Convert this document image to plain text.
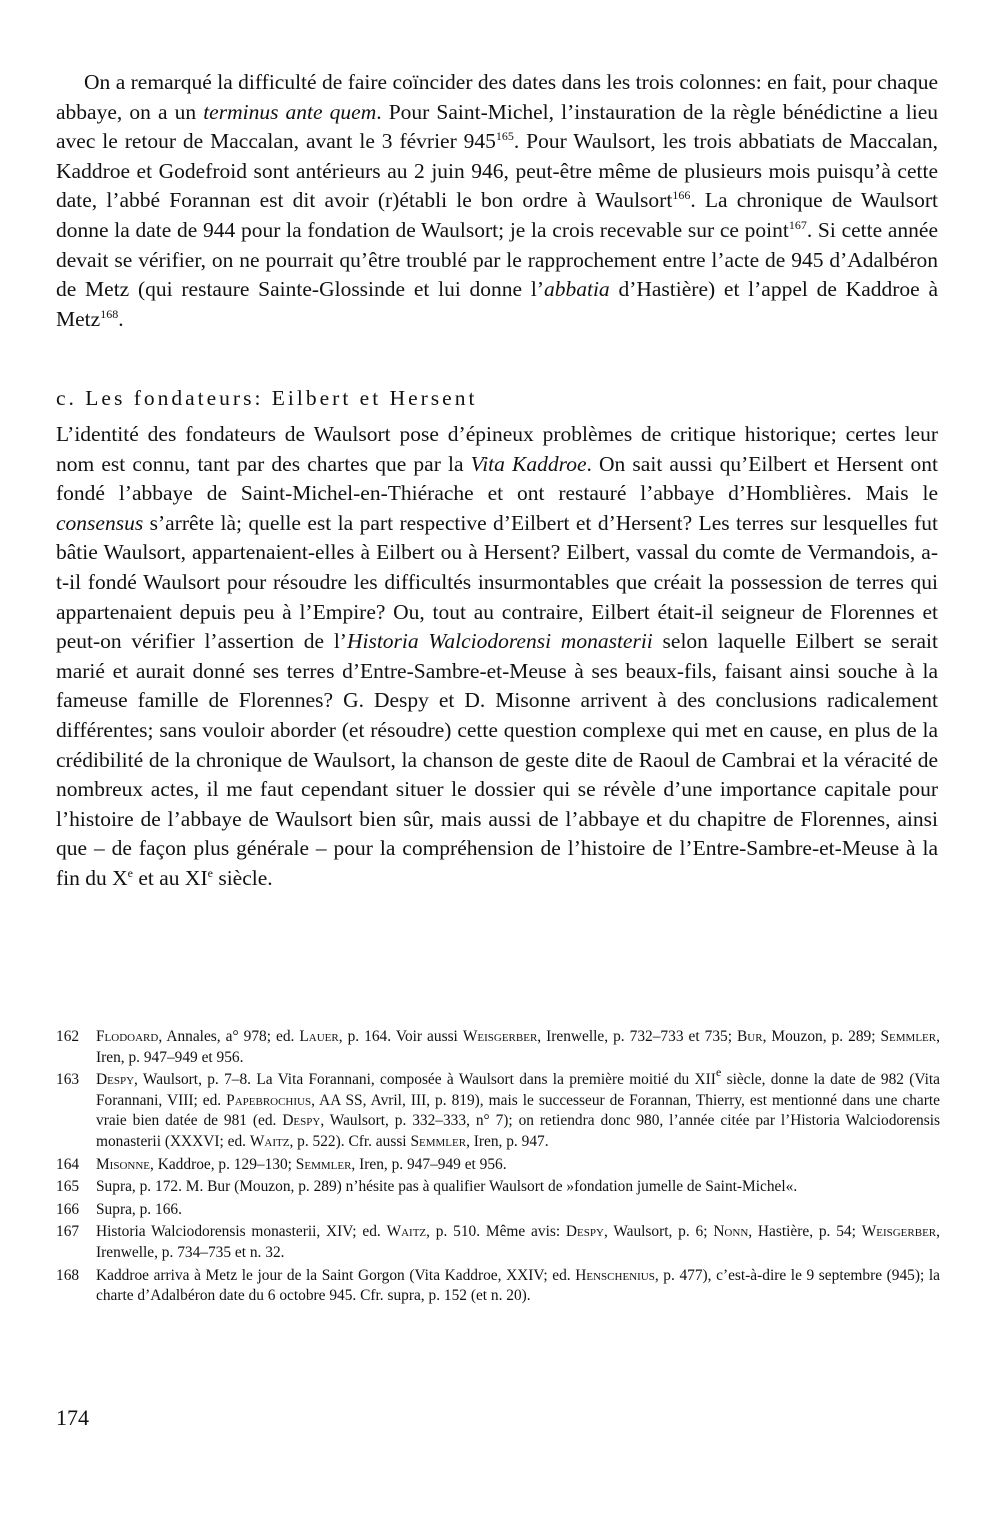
On a remarqué la difficulté de faire coïncider des dates dans les trois colonnes: en fait, pour chaque abbaye, on a un terminus ante quem. Pour Saint-Michel, l’instauration de la règle bénédictine a lieu avec le retour de Maccalan, avant le 3 février $945^{165}$. Pour Waulsort, les trois abbatiats de Maccalan, Kaddroe et Godefroid sont antérieurs au 2 juin 946, peut-être même de plusieurs mois puisqu’à cette date, l’abbé Forannan est dit avoir (r)établi le bon ordre à Waulsort$^{166}$. La chronique de Waulsort donne la date de 944 pour la fondation de Waulsort; je la crois recevable sur ce point$^{167}$. Si cette année devait se vérifier, on ne pourrait qu’être troublé par le rapprochement entre l’acte de 945 d’Adalbéron de Metz (qui restaure Sainte-Glossinde et lui donne l’abbatia d’Hastière) et l’appel de Kaddroe à Metz$^{168}$.

c. Les fondateurs: Eilbert et Hersent

L’identité des fondateurs de Waulsort pose d’épineux problèmes de critique historique; certes leur nom est connu, tant par des chartes que par la Vita Kaddroe. On sait aussi qu’Eilbert et Hersent ont fondé l’abbaye de Saint-Michel-en-Thiérache et ont restauré l’abbaye d’Homblières. Mais le consensus s’arrête là; quelle est la part respective d’Eilbert et d’Hersent? Les terres sur lesquelles fut bâtie Waulsort, appartenaient-elles à Eilbert ou à Hersent? Eilbert, vassal du comte de Vermandois, a-t-il fondé Waulsort pour résoudre les difficultés insurmontables que créait la possession de terres qui appartenaient depuis peu à l’Empire? Ou, tout au contraire, Eilbert était-il seigneur de Florennes et peut-on vérifier l’assertion de l’Historia Walciodorensi monasterii selon laquelle Eilbert se serait marié et aurait donné ses terres d’Entre-Sambre-et-Meuse à ses beaux-fils, faisant ainsi souche à la fameuse famille de Florennes? G. Despy et D. Misonne arrivent à des conclusions radicalement différentes; sans vouloir aborder (et résoudre) cette question complexe qui met en cause, en plus de la crédibilité de la chronique de Waulsort, la chanson de geste dite de Raoul de Cambrai et la véracité de nombreux actes, il me faut cependant situer le dossier qui se révèle d’une importance capitale pour l’histoire de l’abbaye de Waulsort bien sûr, mais aussi de l’abbaye et du chapitre de Florennes, ainsi que – de façon plus générale – pour la compréhension de l’histoire de l’Entre-Sambre-et-Meuse à la fin du Xe et au XIe siècle.

162	Flodoard, Annales, a° 978; ed. Lauer, p. 164. Voir aussi Weisgerber, Irenwelle, p. 732–733 et 735; Bur, Mouzon, p. 289; Semmler, Iren, p. 947–949 et 956.
163	Despy, Waulsort, p. 7–8. La Vita Forannani, composée à Waulsort dans la première moitié du XIIe siècle, donne la date de 982 (Vita Forannani, VIII; ed. Papebrochius, AA SS, Avril, III, p. 819), mais le successeur de Forannan, Thierry, est mentionné dans une charte vraie bien datée de 981 (ed. Despy, Waulsort, p. 332–333, n° 7); on retiendra donc 980, l’année citée par l’Historia Walciodorensis monasterii (XXXVI; ed. Waitz, p. 522). Cfr. aussi Semmler, Iren, p. 947.
164	Misonne, Kaddroe, p. 129–130; Semmler, Iren, p. 947–949 et 956.
165	Supra, p. 172. M. Bur (Mouzon, p. 289) n’hésite pas à qualifier Waulsort de »fondation jumelle de Saint-Michel«.
166	Supra, p. 166.
167	Historia Walciodorensis monasterii, XIV; ed. Waitz, p. 510. Même avis: Despy, Waulsort, p. 6; Nonn, Hastière, p. 54; Weisgerber, Irenwelle, p. 734–735 et n. 32.
168	Kaddroe arriva à Metz le jour de la Saint Gorgon (Vita Kaddroe, XXIV; ed. Henschenius, p. 477), c’est-à-dire le 9 septembre (945); la charte d’Adalbéron date du 6 octobre 945. Cfr. supra, p. 152 (et n. 20).
174
